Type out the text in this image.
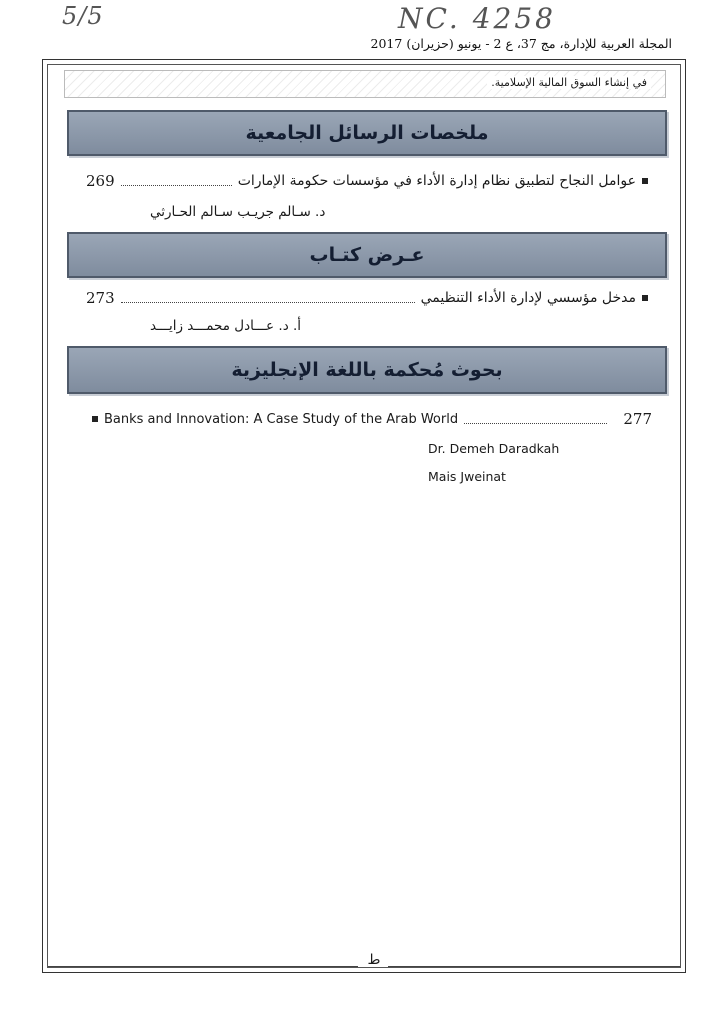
5/5	NC. 4258
المجلة العربية للإدارة، مج 37، ع 2 - يونيو (حزيران) 2017
في إنشاء السوق المالية الإسلامية.
ملخصات الرسائل الجامعية
عوامل النجاح لتطبيق نظام إدارة الأداء في مؤسسات حكومة الإمارات
269
د. سـالم جريـب سـالم الحـارثي
عـرض كتـاب
مدخل مؤسسي لإدارة الأداء التنظيمي
273
أ. د. عـــادل محمـــد زايـــد
بحوث مُحكمة باللغة الإنجليزية
Banks and Innovation: A Case Study of the Arab World	277
Dr. Demeh Daradkah
Mais Jweinat
ط
